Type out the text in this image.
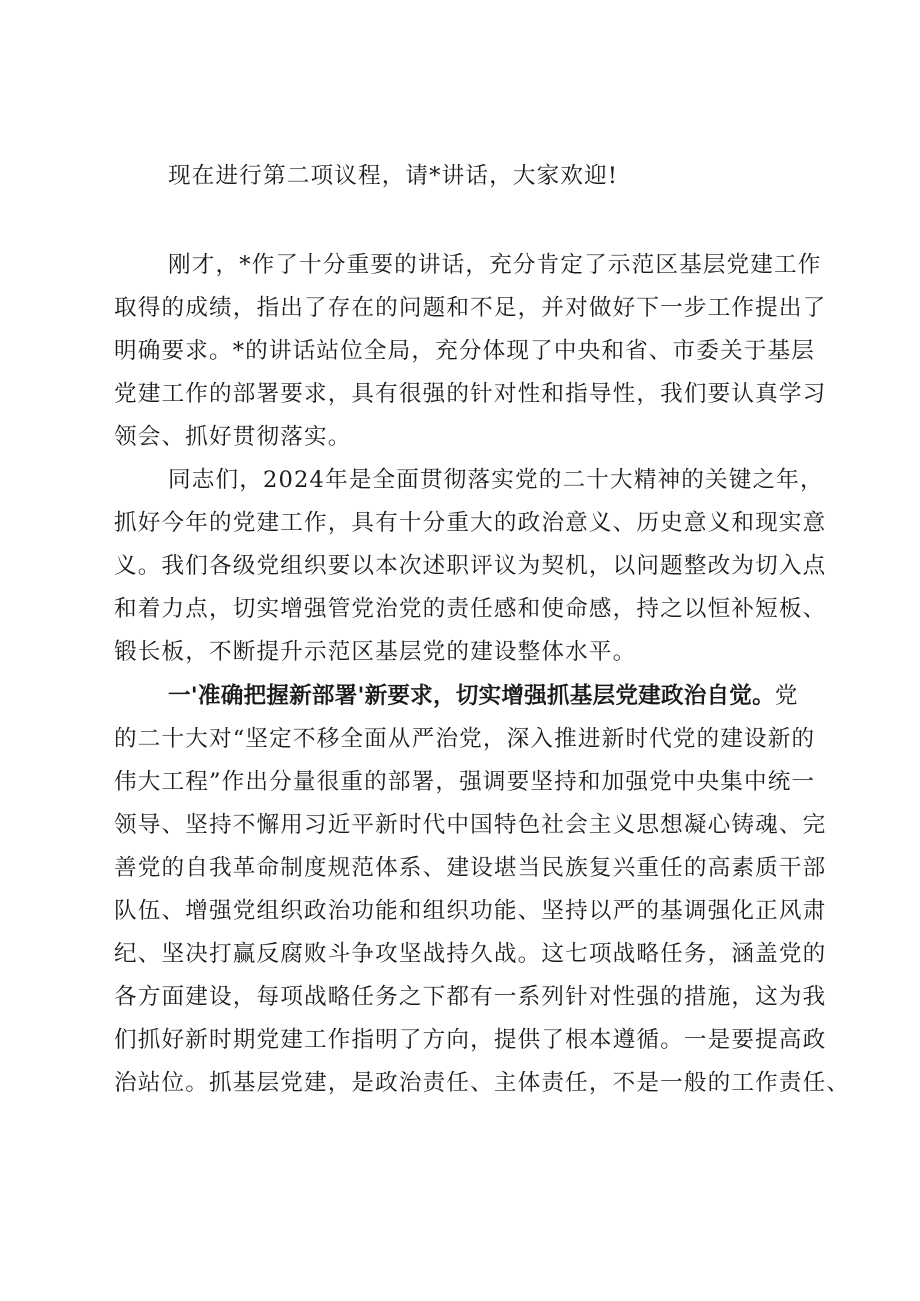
现在进行第二项议程，请*讲话，大家欢迎!
刚才，*作了十分重要的讲话，充分肯定了示范区基层党建工作
取得的成绩，指出了存在的问题和不足，并对做好下一步工作提出了
明确要求。*的讲话站位全局，充分体现了中央和省、市委关于基层
党建工作的部署要求，具有很强的针对性和指导性，我们要认真学习
领会、抓好贯彻落实。
同志们，2024年是全面贯彻落实党的二十大精神的关键之年，
抓好今年的党建工作，具有十分重大的政治意义、历史意义和现实意
义。我们各级党组织要以本次述职评议为契机，以问题整改为切入点
和着力点，切实增强管党治党的责任感和使命感，持之以恒补短板、
锻长板，不断提升示范区基层党的建设整体水平。
一'准确把握新部署'新要求，切实增强抓基层党建政治自觉。党
的二十大对“坚定不移全面从严治党，深入推进新时代党的建设新的
伟大工程”作出分量很重的部署，强调要坚持和加强党中央集中统一
领导、坚持不懈用习近平新时代中国特色社会主义思想凝心铸魂、完
善党的自我革命制度规范体系、建设堪当民族复兴重任的高素质干部
队伍、增强党组织政治功能和组织功能、坚持以严的基调强化正风肃
纪、坚决打赢反腐败斗争攻坚战持久战。这七项战略任务，涵盖党的
各方面建设，每项战略任务之下都有一系列针对性强的措施，这为我
们抓好新时期党建工作指明了方向，提供了根本遵循。一是要提高政
治站位。抓基层党建，是政治责任、主体责任，不是一般的工作责任、
